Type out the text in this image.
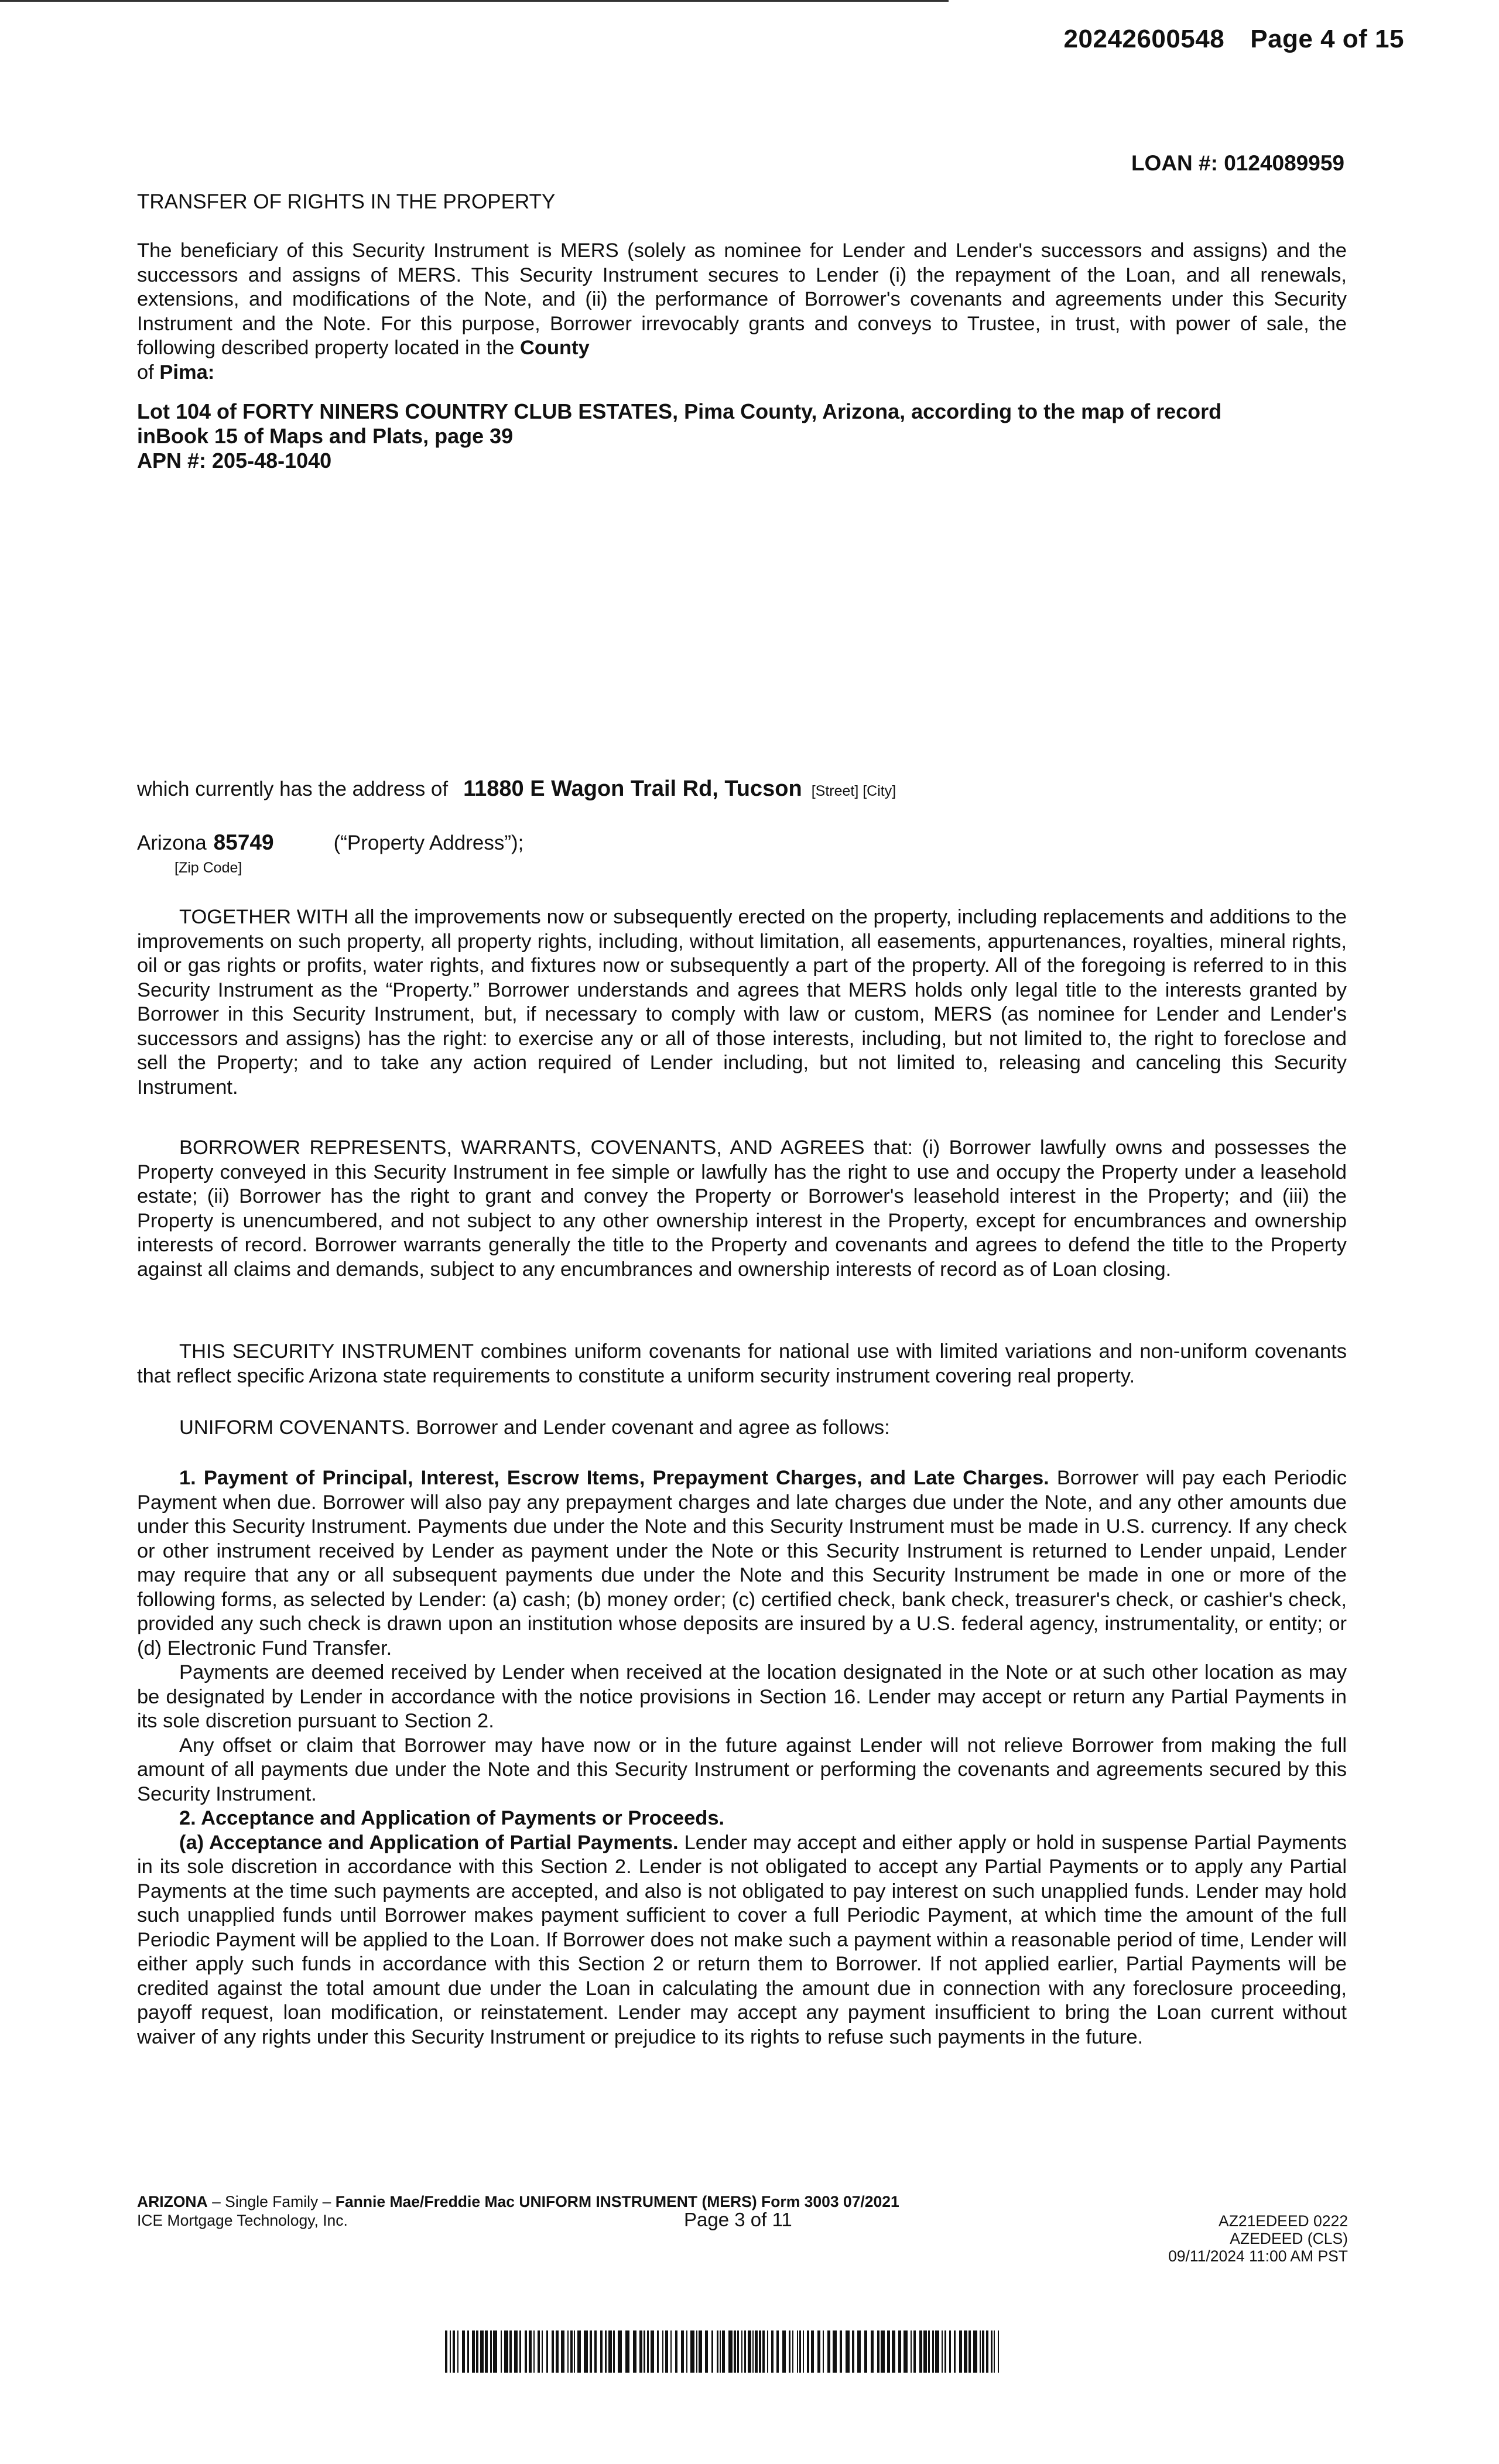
20242600548 Page 4 of 15
LOAN #: 0124089959
TRANSFER OF RIGHTS IN THE PROPERTY

The beneficiary of this Security Instrument is MERS (solely as nominee for Lender and Lender's successors and assigns) and the successors and assigns of MERS. This Security Instrument secures to Lender (i) the repayment of the Loan, and all renewals, extensions, and modifications of the Note, and (ii) the performance of Borrower's covenants and agreements under this Security Instrument and the Note. For this purpose, Borrower irrevocably grants and conveys to Trustee, in trust, with power of sale, the following described property located in the County
of Pima:

Lot 104 of FORTY NINERS COUNTRY CLUB ESTATES, Pima County, Arizona, according to the map of record
inBook 15 of Maps and Plats, page 39
APN #: 205-48-1040
which currently has the address of 11880 E Wagon Trail Rd, Tucson [Street] [City]
Arizona 85749	(“Property Address”);
[Zip Code]

TOGETHER WITH all the improvements now or subsequently erected on the property, including replacements and additions to the improvements on such property, all property rights, including, without limitation, all easements, appurtenances, royalties, mineral rights, oil or gas rights or profits, water rights, and fixtures now or subsequently a part of the property. All of the foregoing is referred to in this Security Instrument as the “Property.” Borrower understands and agrees that MERS holds only legal title to the interests granted by Borrower in this Security Instrument, but, if necessary to comply with law or custom, MERS (as nominee for Lender and Lender's successors and assigns) has the right: to exercise any or all of those interests, including, but not limited to, the right to foreclose and sell the Property; and to take any action required of Lender including, but not limited to, releasing and canceling this Security Instrument.

BORROWER REPRESENTS, WARRANTS, COVENANTS, AND AGREES that: (i) Borrower lawfully owns and possesses the Property conveyed in this Security Instrument in fee simple or lawfully has the right to use and occupy the Property under a leasehold estate; (ii) Borrower has the right to grant and convey the Property or Borrower's leasehold interest in the Property; and (iii) the Property is unencumbered, and not subject to any other ownership interest in the Property, except for encumbrances and ownership interests of record. Borrower warrants generally the title to the Property and covenants and agrees to defend the title to the Property against all claims and demands, subject to any encumbrances and ownership interests of record as of Loan closing.

THIS SECURITY INSTRUMENT combines uniform covenants for national use with limited variations and non-uniform covenants that reflect specific Arizona state requirements to constitute a uniform security instrument covering real property.

UNIFORM COVENANTS. Borrower and Lender covenant and agree as follows:

1. Payment of Principal, Interest, Escrow Items, Prepayment Charges, and Late Charges. Borrower will pay each Periodic Payment when due. Borrower will also pay any prepayment charges and late charges due under the Note, and any other amounts due under this Security Instrument. Payments due under the Note and this Security Instrument must be made in U.S. currency. If any check or other instrument received by Lender as payment under the Note or this Security Instrument is returned to Lender unpaid, Lender may require that any or all subsequent payments due under the Note and this Security Instrument be made in one or more of the following forms, as selected by Lender: (a) cash; (b) money order; (c) certified check, bank check, treasurer's check, or cashier's check, provided any such check is drawn upon an institution whose deposits are insured by a U.S. federal agency, instrumentality, or entity; or (d) Electronic Fund Transfer.

Payments are deemed received by Lender when received at the location designated in the Note or at such other location as may be designated by Lender in accordance with the notice provisions in Section 16. Lender may accept or return any Partial Payments in its sole discretion pursuant to Section 2.

Any offset or claim that Borrower may have now or in the future against Lender will not relieve Borrower from making the full amount of all payments due under the Note and this Security Instrument or performing the covenants and agreements secured by this Security Instrument.

2. Acceptance and Application of Payments or Proceeds.

(a) Acceptance and Application of Partial Payments. Lender may accept and either apply or hold in suspense Partial Payments in its sole discretion in accordance with this Section 2. Lender is not obligated to accept any Partial Payments or to apply any Partial Payments at the time such payments are accepted, and also is not obligated to pay interest on such unapplied funds. Lender may hold such unapplied funds until Borrower makes payment sufficient to cover a full Periodic Payment, at which time the amount of the full Periodic Payment will be applied to the Loan. If Borrower does not make such a payment within a reasonable period of time, Lender will either apply such funds in accordance with this Section 2 or return them to Borrower. If not applied earlier, Partial Payments will be credited against the total amount due under the Loan in calculating the amount due in connection with any foreclosure proceeding, payoff request, loan modification, or reinstatement. Lender may accept any payment insufficient to bring the Loan current without waiver of any rights under this Security Instrument or prejudice to its rights to refuse such payments in the future.

ARIZONA – Single Family – Fannie Mae/Freddie Mac UNIFORM INSTRUMENT (MERS) Form 3003 07/2021
ICE Mortgage Technology, Inc.	Page 3 of 11	AZ21EDEED 0222
AZEDEED (CLS)
09/11/2024 11:00 AM PST
